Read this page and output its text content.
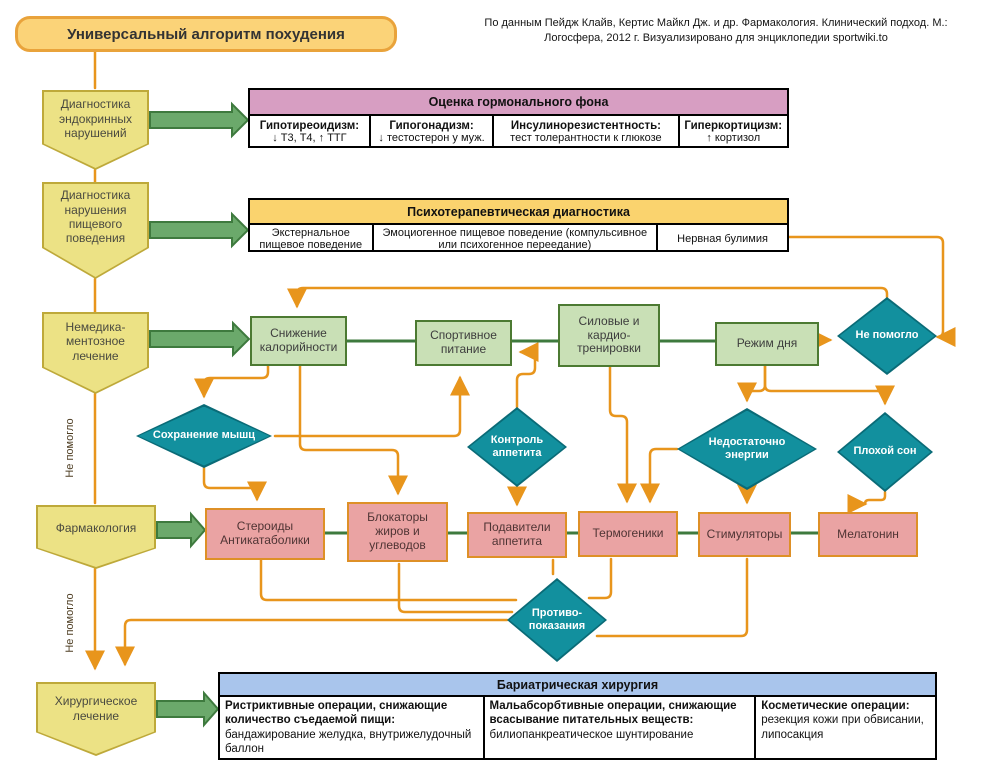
Универсальный алгоритм похудения
По данным Пейдж Клайв, Кертис Майкл Дж. и др. Фармакология. Клинический подход. М.: Логосфера, 2012 г. Визуализировано для энциклопедии sportwiki.to
Диагностика эндокринных нарушений
Диагностика нарушения пищевого поведения
Немедика-ментозное лечение
Фармакология
Хирургическое лечение
Не помогло
Не помогло
Оценка гормонального фона
Гипотиреоидизм:
↓ Т3, Т4, ↑ ТТГ
Гипогонадизм:
↓ тестостерон у муж.
Инсулинорезистентность:
тест толерантности к глюкозе
Гиперкортицизм:
↑ кортизол
Психотерапевтическая диагностика
Экстернальное пищевое поведение
Эмоциогенное пищевое поведение (компульсивное или психогенное переедание)	Нервная булимия
Снижение калорийности
Спортивное питание
Силовые и кардио-тренировки	Режим дня
Не помогло
Сохранение мышц	Контроль аппетита
Недостаточно энергии	Плохой сон
Противо-показания
Стероиды Антикатаболики
Блокаторы жиров и углеводов
Подавители аппетита
Термогеники	Стимуляторы	Мелатонин
Бариатрическая хирургия
Ристриктивные операции, снижающие количество съедаемой пищи:
бандажирование желудка, внутрижелудочный баллон
Мальабсорбтивные операции, снижающие всасывание питательных веществ:
билиопанкреатическое шунтирование
Косметические операции:
резекция кожи при обвисании, липосакция
